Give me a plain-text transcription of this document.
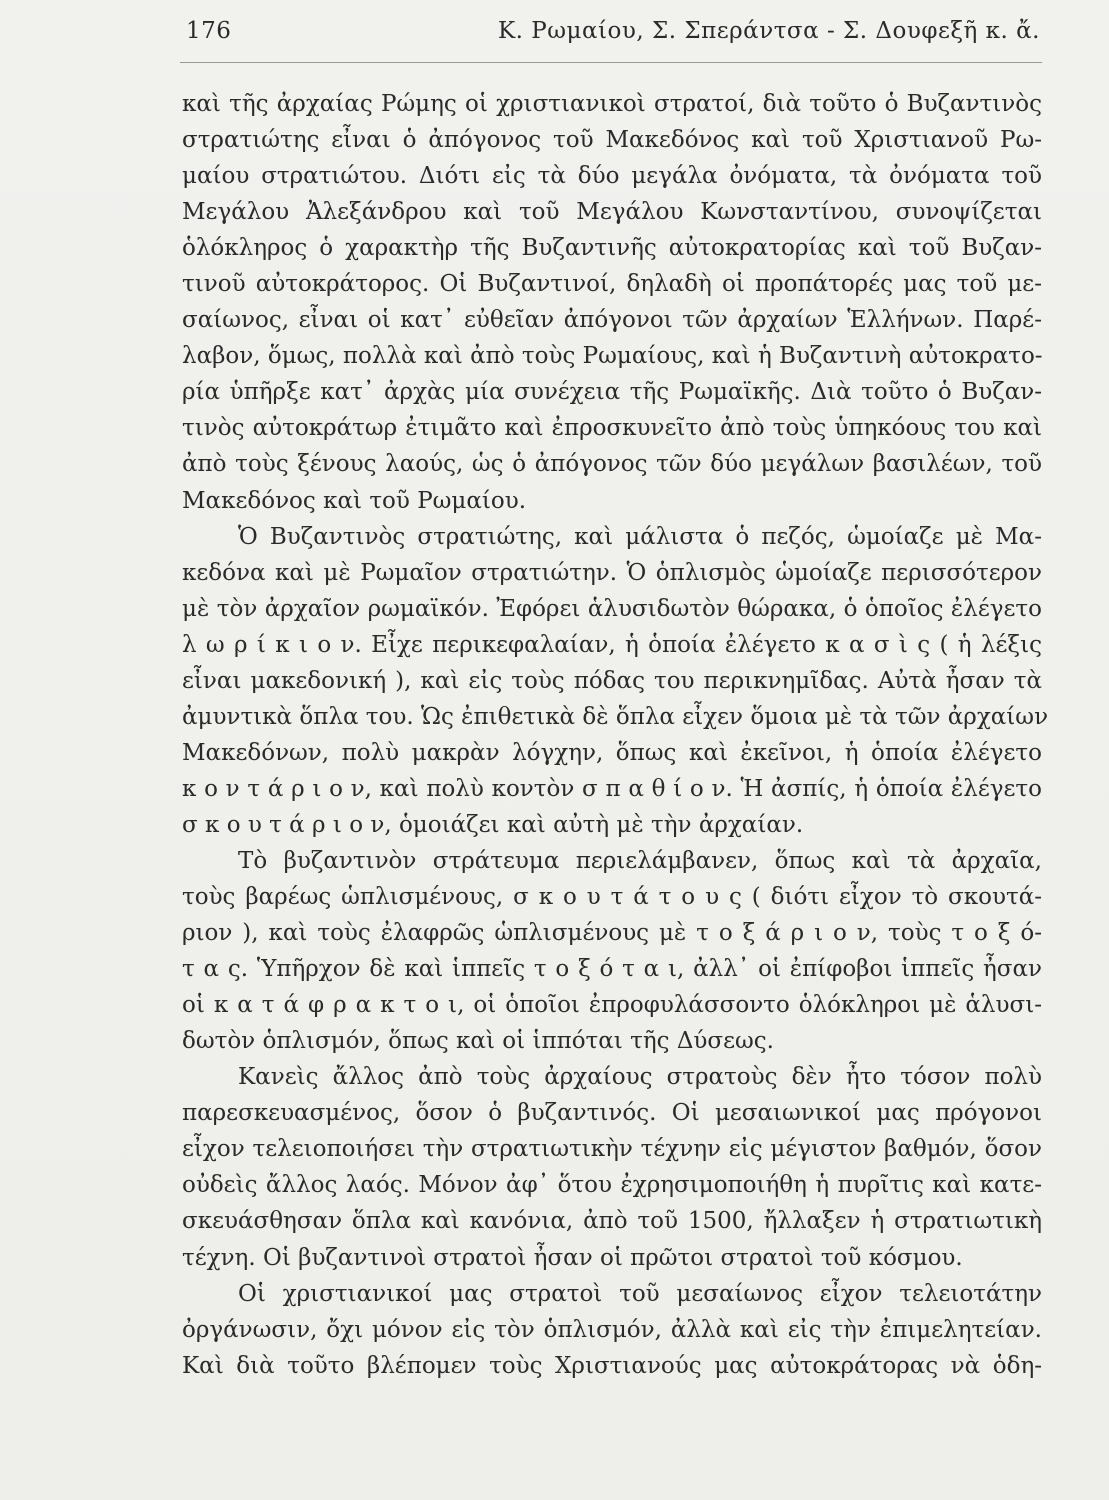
176	Κ. Ρωμαίου, Σ. Σπεράντσα - Σ. Δουφεξῆ κ. ἄ.
καὶ τῆς ἀρχαίας Ρώμης οἱ χριστιανικοὶ στρατοί, διὰ τοῦτο ὁ Βυζαντινὸς
στρατιώτης εἶναι ὁ ἀπόγονος τοῦ Μακεδόνος καὶ τοῦ Χριστιανοῦ Ρω-
μαίου στρατιώτου. Διότι εἰς τὰ δύο μεγάλα ὀνόματα, τὰ ὀνόματα τοῦ
Μεγάλου Ἀλεξάνδρου καὶ τοῦ Μεγάλου Κωνσταντίνου, συνοψίζεται
ὁλόκληρος ὁ χαρακτὴρ τῆς Βυζαντινῆς αὐτοκρατορίας καὶ τοῦ Βυζαν-
τινοῦ αὐτοκράτορος. Οἱ Βυζαντινοί, δηλαδὴ οἱ προπάτορές μας τοῦ με-
σαίωνος, εἶναι οἱ κατ᾿ εὐθεῖαν ἀπόγονοι τῶν ἀρχαίων Ἑλλήνων. Παρέ-
λαβον, ὅμως, πολλὰ καὶ ἀπὸ τοὺς Ρωμαίους, καὶ ἡ Βυζαντινὴ αὐτοκρατο-
ρία ὑπῆρξε κατ᾿ ἀρχὰς μία συνέχεια τῆς Ρωμαϊκῆς. Διὰ τοῦτο ὁ Βυζαν-
τινὸς αὐτοκράτωρ ἐτιμᾶτο καὶ ἐπροσκυνεῖτο ἀπὸ τοὺς ὑπηκόους του καὶ
ἀπὸ τοὺς ξένους λαούς, ὡς ὁ ἀπόγονος τῶν δύο μεγάλων βασιλέων, τοῦ
Μακεδόνος καὶ τοῦ Ρωμαίου.
Ὁ Βυζαντινὸς στρατιώτης, καὶ μάλιστα ὁ πεζός, ὡμοίαζε μὲ Μα-
κεδόνα καὶ μὲ Ρωμαῖον στρατιώτην. Ὁ ὁπλισμὸς ὡμοίαζε περισσότερον
μὲ τὸν ἀρχαῖον ρωμαϊκόν. Ἐφόρει ἁλυσιδωτὸν θώρακα, ὁ ὁποῖος ἐλέγετο
λ ω ρ ί κ ι ο ν. Εἶχε περικεφαλαίαν, ἡ ὁποία ἐλέγετο κ α σ ὶ ς ( ἡ λέξις
εἶναι μακεδονική ), καὶ εἰς τοὺς πόδας του περικνημῖδας. Αὐτὰ ἦσαν τὰ
ἀμυντικὰ ὅπλα του. Ὡς ἐπιθετικὰ δὲ ὅπλα εἶχεν ὅμοια μὲ τὰ τῶν ἀρχαίων
Μακεδόνων, πολὺ μακρὰν λόγχην, ὅπως καὶ ἐκεῖνοι, ἡ ὁποία ἐλέγετο
κ ο ν τ ά ρ ι ο ν, καὶ πολὺ κοντὸν σ π α θ ί ο ν. Ἡ ἀσπίς, ἡ ὁποία ἐλέγετο
σ κ ο υ τ ά ρ ι ο ν, ὁμοιάζει καὶ αὐτὴ μὲ τὴν ἀρχαίαν.
Τὸ βυζαντινὸν στράτευμα περιελάμβανεν, ὅπως καὶ τὰ ἀρχαῖα,
τοὺς βαρέως ὡπλισμένους, σ κ ο υ τ ά τ ο υ ς ( διότι εἶχον τὸ σκουτά-
ριον ), καὶ τοὺς ἐλαφρῶς ὡπλισμένους μὲ τ ο ξ ά ρ ι ο ν, τοὺς τ ο ξ ό-
τ α ς. Ὑπῆρχον δὲ καὶ ἱππεῖς τ ο ξ ό τ α ι, ἀλλ᾿ οἱ ἐπίφοβοι ἱππεῖς ἦσαν
οἱ κ α τ ά φ ρ α κ τ ο ι, οἱ ὁποῖοι ἐπροφυλάσσοντο ὁλόκληροι μὲ ἁλυσι-
δωτὸν ὁπλισμόν, ὅπως καὶ οἱ ἱππόται τῆς Δύσεως.
Κανεὶς ἄλλος ἀπὸ τοὺς ἀρχαίους στρατοὺς δὲν ἦτο τόσον πολὺ
παρεσκευασμένος, ὅσον ὁ βυζαντινός. Οἱ μεσαιωνικοί μας πρόγονοι
εἶχον τελειοποιήσει τὴν στρατιωτικὴν τέχνην εἰς μέγιστον βαθμόν, ὅσον
οὐδεὶς ἄλλος λαός. Μόνον ἀφ᾿ ὅτου ἐχρησιμοποιήθη ἡ πυρῖτις καὶ κατε-
σκευάσθησαν ὅπλα καὶ κανόνια, ἀπὸ τοῦ 1500, ἤλλαξεν ἡ στρατιωτικὴ
τέχνη. Οἱ βυζαντινοὶ στρατοὶ ἦσαν οἱ πρῶτοι στρατοὶ τοῦ κόσμου.
Οἱ χριστιανικοί μας στρατοὶ τοῦ μεσαίωνος εἶχον τελειοτάτην
ὀργάνωσιν, ὄχι μόνον εἰς τὸν ὁπλισμόν, ἀλλὰ καὶ εἰς τὴν ἐπιμελητείαν.
Καὶ διὰ τοῦτο βλέπομεν τοὺς Χριστιανούς μας αὐτοκράτορας νὰ ὁδη-
